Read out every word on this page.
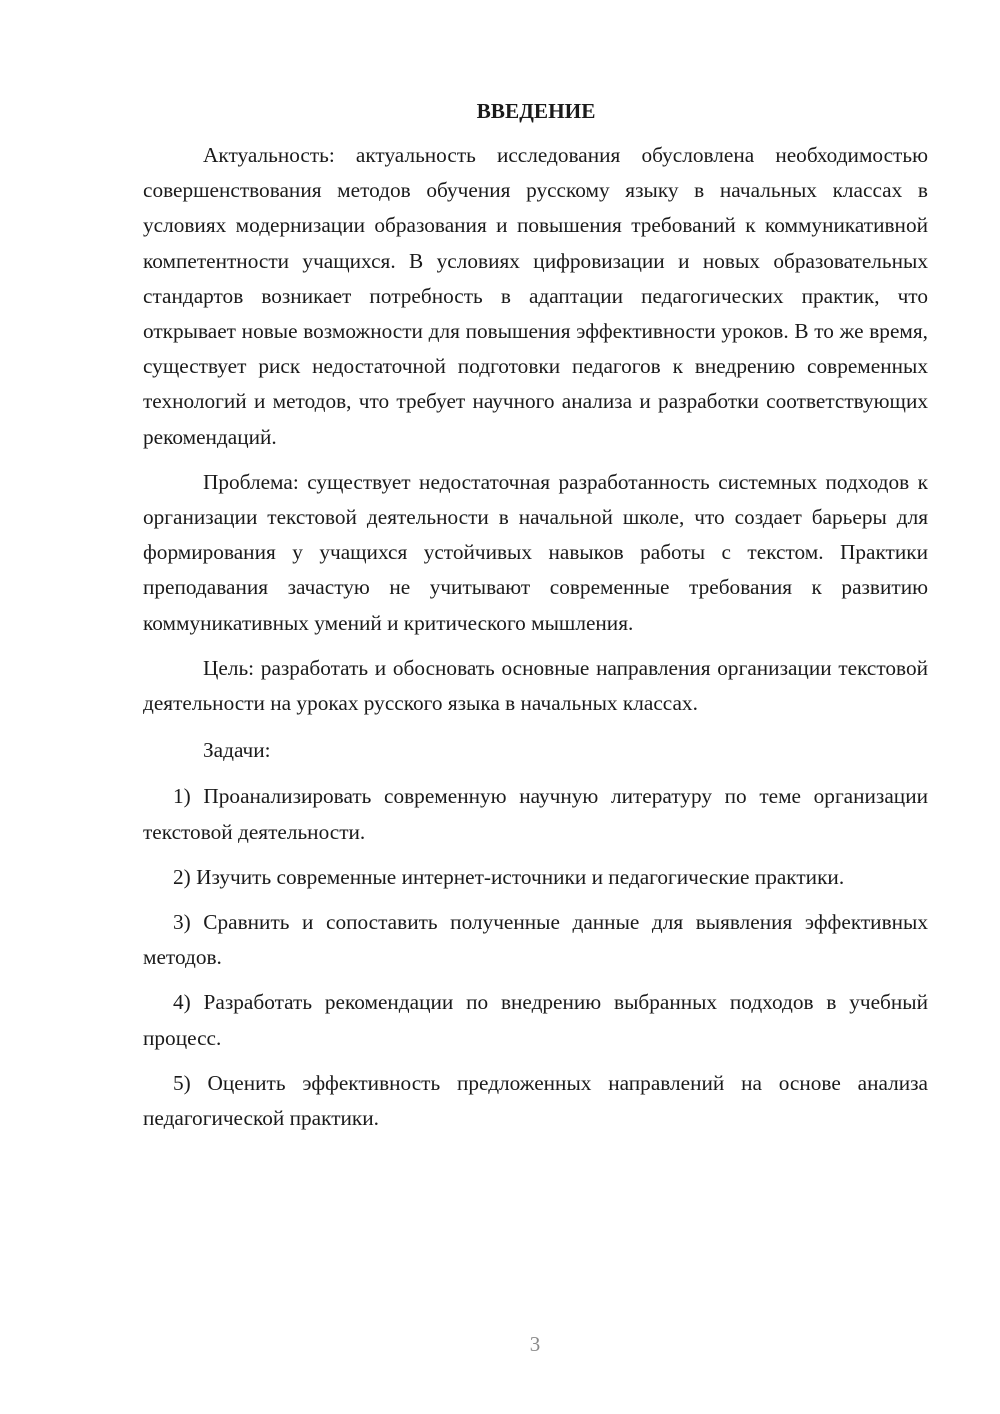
ВВЕДЕНИЕ

Актуальность: актуальность исследования обусловлена необходимостью совершенствования методов обучения русскому языку в начальных классах в условиях модернизации образования и повышения требований к коммуникативной компетентности учащихся. В условиях цифровизации и новых образовательных стандартов возникает потребность в адаптации педагогических практик, что открывает новые возможности для повышения эффективности уроков. В то же время, существует риск недостаточной подготовки педагогов к внедрению современных технологий и методов, что требует научного анализа и разработки соответствующих рекомендаций.

Проблема: существует недостаточная разработанность системных подходов к организации текстовой деятельности в начальной школе, что создает барьеры для формирования у учащихся устойчивых навыков работы с текстом. Практики преподавания зачастую не учитывают современные требования к развитию коммуникативных умений и критического мышления.

Цель: разработать и обосновать основные направления организации текстовой деятельности на уроках русского языка в начальных классах.

Задачи:

1) Проанализировать современную научную литературу по теме организации текстовой деятельности.

2) Изучить современные интернет-источники и педагогические практики.

3) Сравнить и сопоставить полученные данные для выявления эффективных методов.

4) Разработать рекомендации по внедрению выбранных подходов в учебный процесс.

5) Оценить эффективность предложенных направлений на основе анализа педагогической практики.

3
